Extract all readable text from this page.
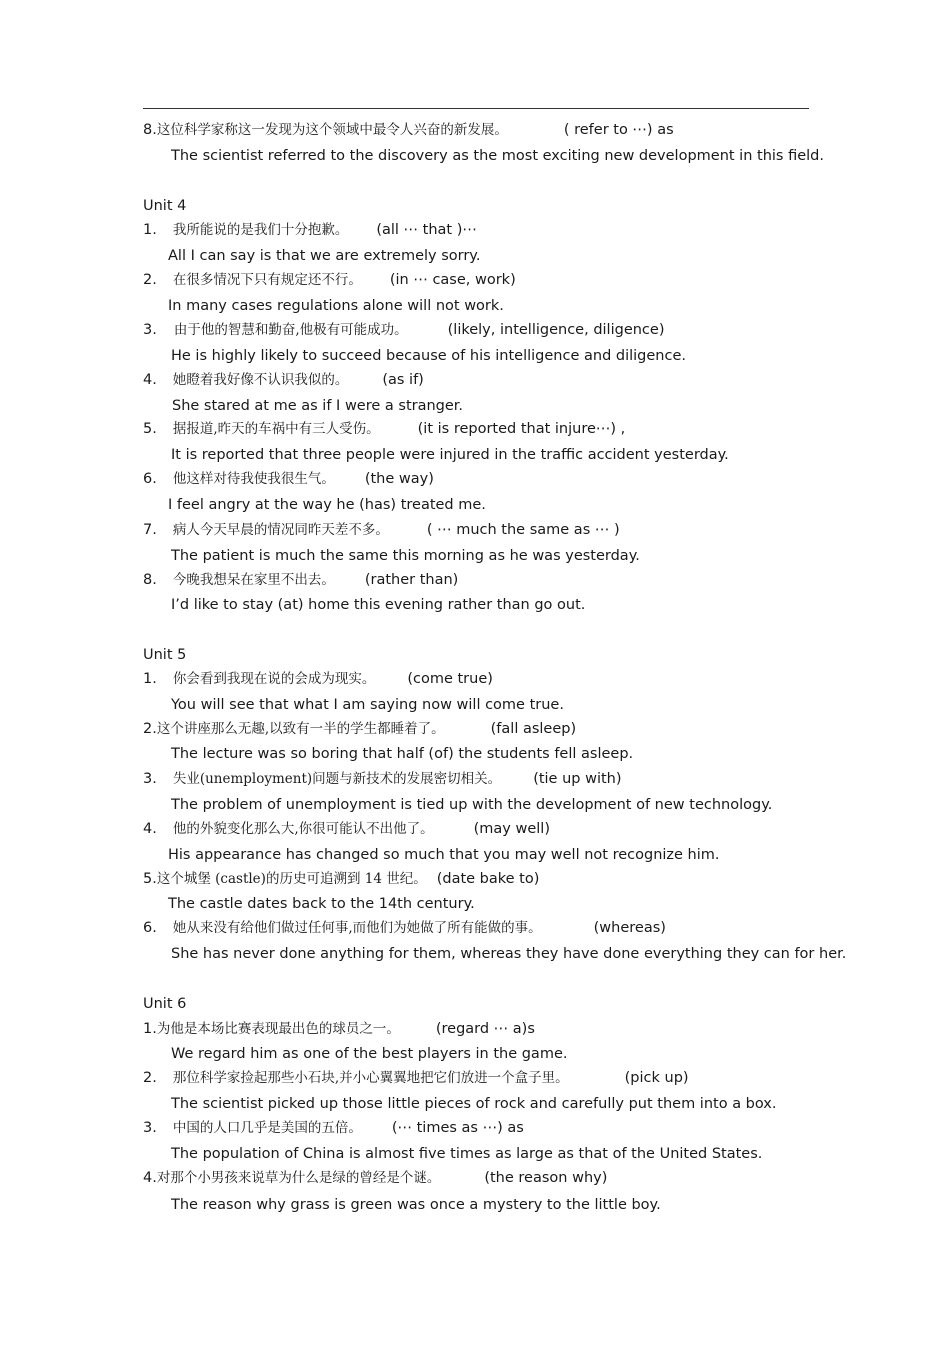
8.这位科学家称这一发现为这个领域中最令人兴奋的新发展。	( refer to ⋯) as
The scientist referred to the discovery as the most exciting new development in this field.
Unit 4
1. 我所能说的是我们十分抱歉。 (all ⋯ that )⋯
All I can say is that we are extremely sorry.
2. 在很多情况下只有规定还不行。 (in ⋯ case, work)
In many cases regulations alone will not work.
3. 由于他的智慧和勤奋,他极有可能成功。	(likely, intelligence, diligence)
He is highly likely to succeed because of his intelligence and diligence.
4. 她瞪着我好像不认识我似的。 (as if)
She stared at me as if I were a stranger.
5. 据报道,昨天的车祸中有三人受伤。	(it is reported that injure⋯) ,
It is reported that three people were injured in the traffic accident yesterday.
6. 他这样对待我使我很生气。 (the way)
I feel angry at the way he (has) treated me.
7. 病人今天早晨的情况同昨天差不多。	( ⋯ much the same as ⋯ )
The patient is much the same this morning as he was yesterday.
8. 今晚我想呆在家里不出去。 (rather than)
I’d like to stay (at) home this evening rather than go out.
Unit 5
1. 你会看到我现在说的会成为现实。 (come true)
You will see that what I am saying now will come true.
2.这个讲座那么无趣,以致有一半的学生都睡着了。	(fall asleep)
The lecture was so boring that half (of) the students fell asleep.
3. 失业(unemployment)问题与新技术的发展密切相关。 (tie up with)
The problem of unemployment is tied up with the development of new technology.
4. 他的外貌变化那么大,你很可能认不出他了。	(may well)
His appearance has changed so much that you may well not recognize him.
5.这个城堡 (castle)的历史可追溯到 14 世纪。 (date bake to)
The castle dates back to the 14th century.
6. 她从来没有给他们做过任何事,而他们为她做了所有能做的事。	(whereas)
She has never done anything for them, whereas they have done everything they can for her.
Unit 6
1.为他是本场比赛表现最出色的球员之一。 (regard ⋯ a)s
We regard him as one of the best players in the game.
2. 那位科学家捡起那些小石块,并小心翼翼地把它们放进一个盒子里。	(pick up)
The scientist picked up those little pieces of rock and carefully put them into a box.
3. 中国的人口几乎是美国的五倍。 (⋯ times as ⋯) as
The population of China is almost five times as large as that of the United States.
4.对那个小男孩来说草为什么是绿的曾经是个谜。	(the reason why)
The reason why grass is green was once a mystery to the little boy.
